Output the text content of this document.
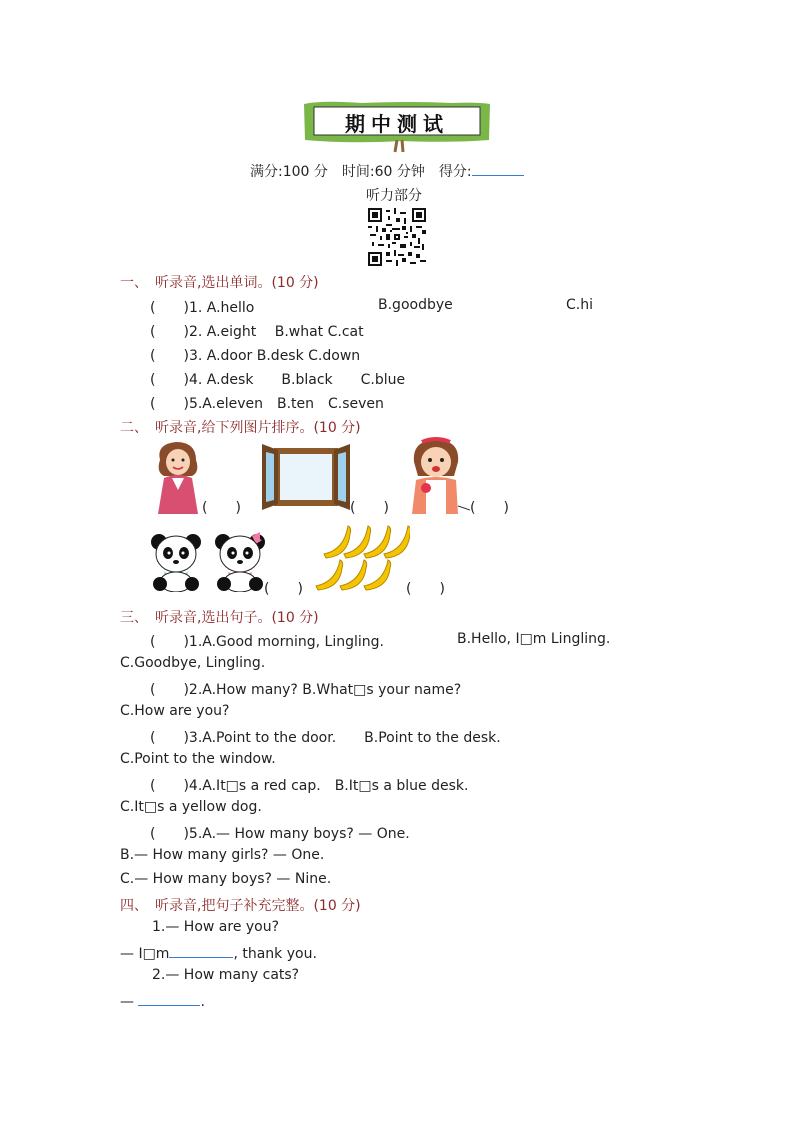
期中测试
满分:100 分　时间:60 分钟　得分:
听力部分
一、　听录音,选出单词。(10 分)
(　　)1. A.hello	B.goodbye	C.hi
(　　)2. A.eight　 B.what C.cat
(　　)3. A.door B.desk C.down
(　　)4. A.desk　　B.black　　C.blue
(　　)5.A.eleven　B.ten　C.seven
二、　听录音,给下列图片排序。(10 分)
(　　)	(　　)	(　　)
(　　)	(　　)
三、　听录音,选出句子。(10 分)
(　　)1.A.Good morning, Lingling.	B.Hello, I□m Lingling.
C.Goodbye, Lingling.
(　　)2.A.How many? B.What□s your name?
C.How are you?
(　　)3.A.Point to the door.　　B.Point to the desk.
C.Point to the window.
(　　)4.A.It□s a red cap.　B.It□s a blue desk.
C.It□s a yellow dog.
(　　)5.A.— How many boys? — One.
B.— How many girls? — One.
C.— How many boys? — Nine.
四、　听录音,把句子补充完整。(10 分)
1.— How are you?
— I□m	, thank you.
2.— How many cats?
—	.
